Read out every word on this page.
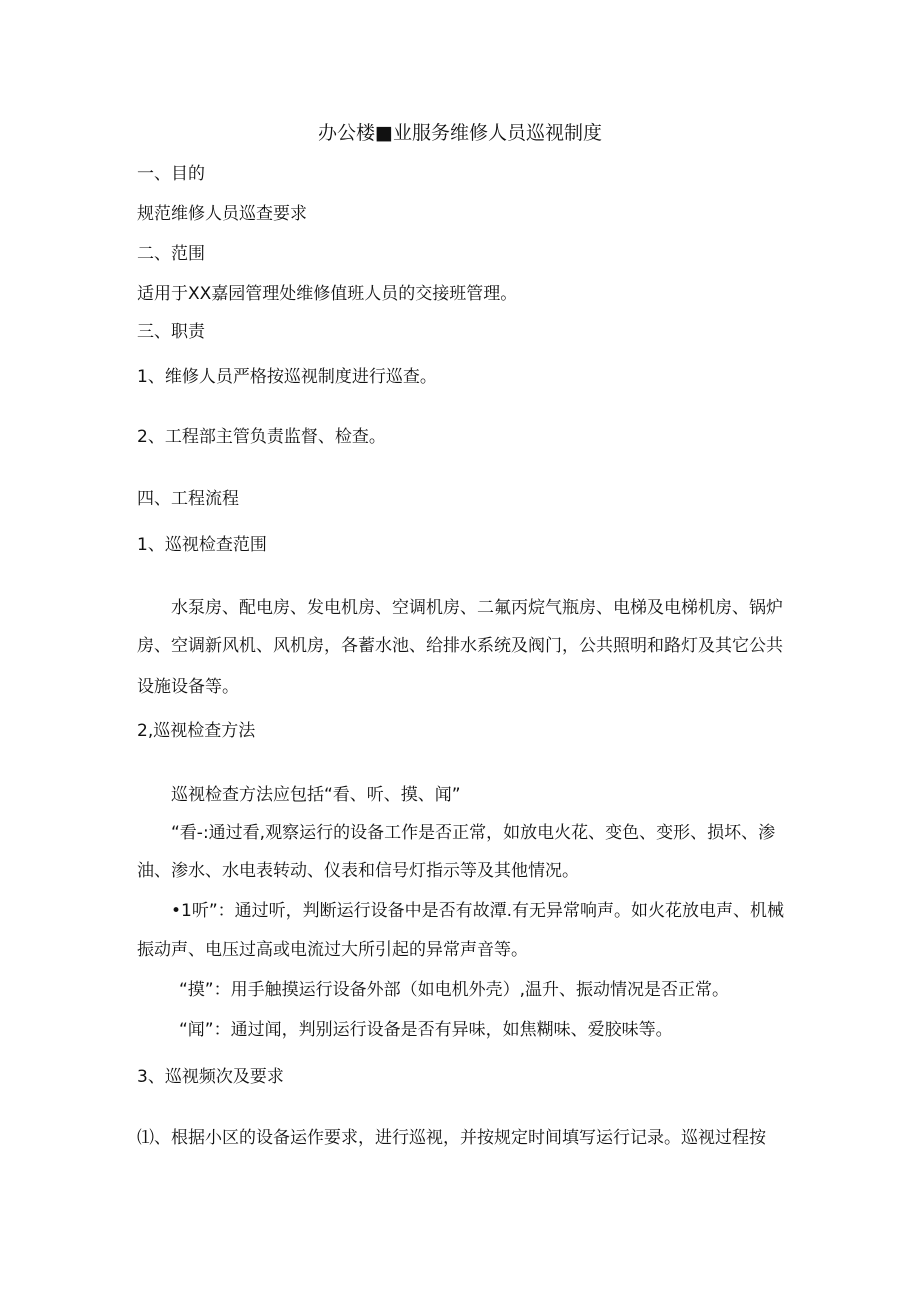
办公楼■业服务维修人员巡视制度

一、目的

规范维修人员巡查要求

二、范围

适用于XX嘉园管理处维修值班人员的交接班管理。

三、职责

1、维修人员严格按巡视制度进行巡查。

2、工程部主管负责监督、检查。

四、工程流程

1、巡视检查范围

水泵房、配电房、发电机房、空调机房、二氟丙烷气瓶房、电梯及电梯机房、锅炉

房、空调新风机、风机房，各蓄水池、给排水系统及阀门，公共照明和路灯及其它公共

设施设备等。

2,巡视检查方法

巡视检查方法应包括“看、听、摸、闻”

“看-:通过看,观察运行的设备工作是否正常，如放电火花、变色、变形、损坏、渗

油、渗水、水电表转动、仪表和信号灯指示等及其他情况。

•1听”：通过听，判断运行设备中是否有故潭.有无异常响声。如火花放电声、机械

振动声、电压过高或电流过大所引起的异常声音等。

“摸”：用手触摸运行设备外部（如电机外壳）,温升、振动情况是否正常。

“闻”：通过闻，判别运行设备是否有异味，如焦糊味、爱胶味等。

3、巡视频次及要求

⑴、根据小区的设备运作要求，进行巡视，并按规定时间填写运行记录。巡视过程按
